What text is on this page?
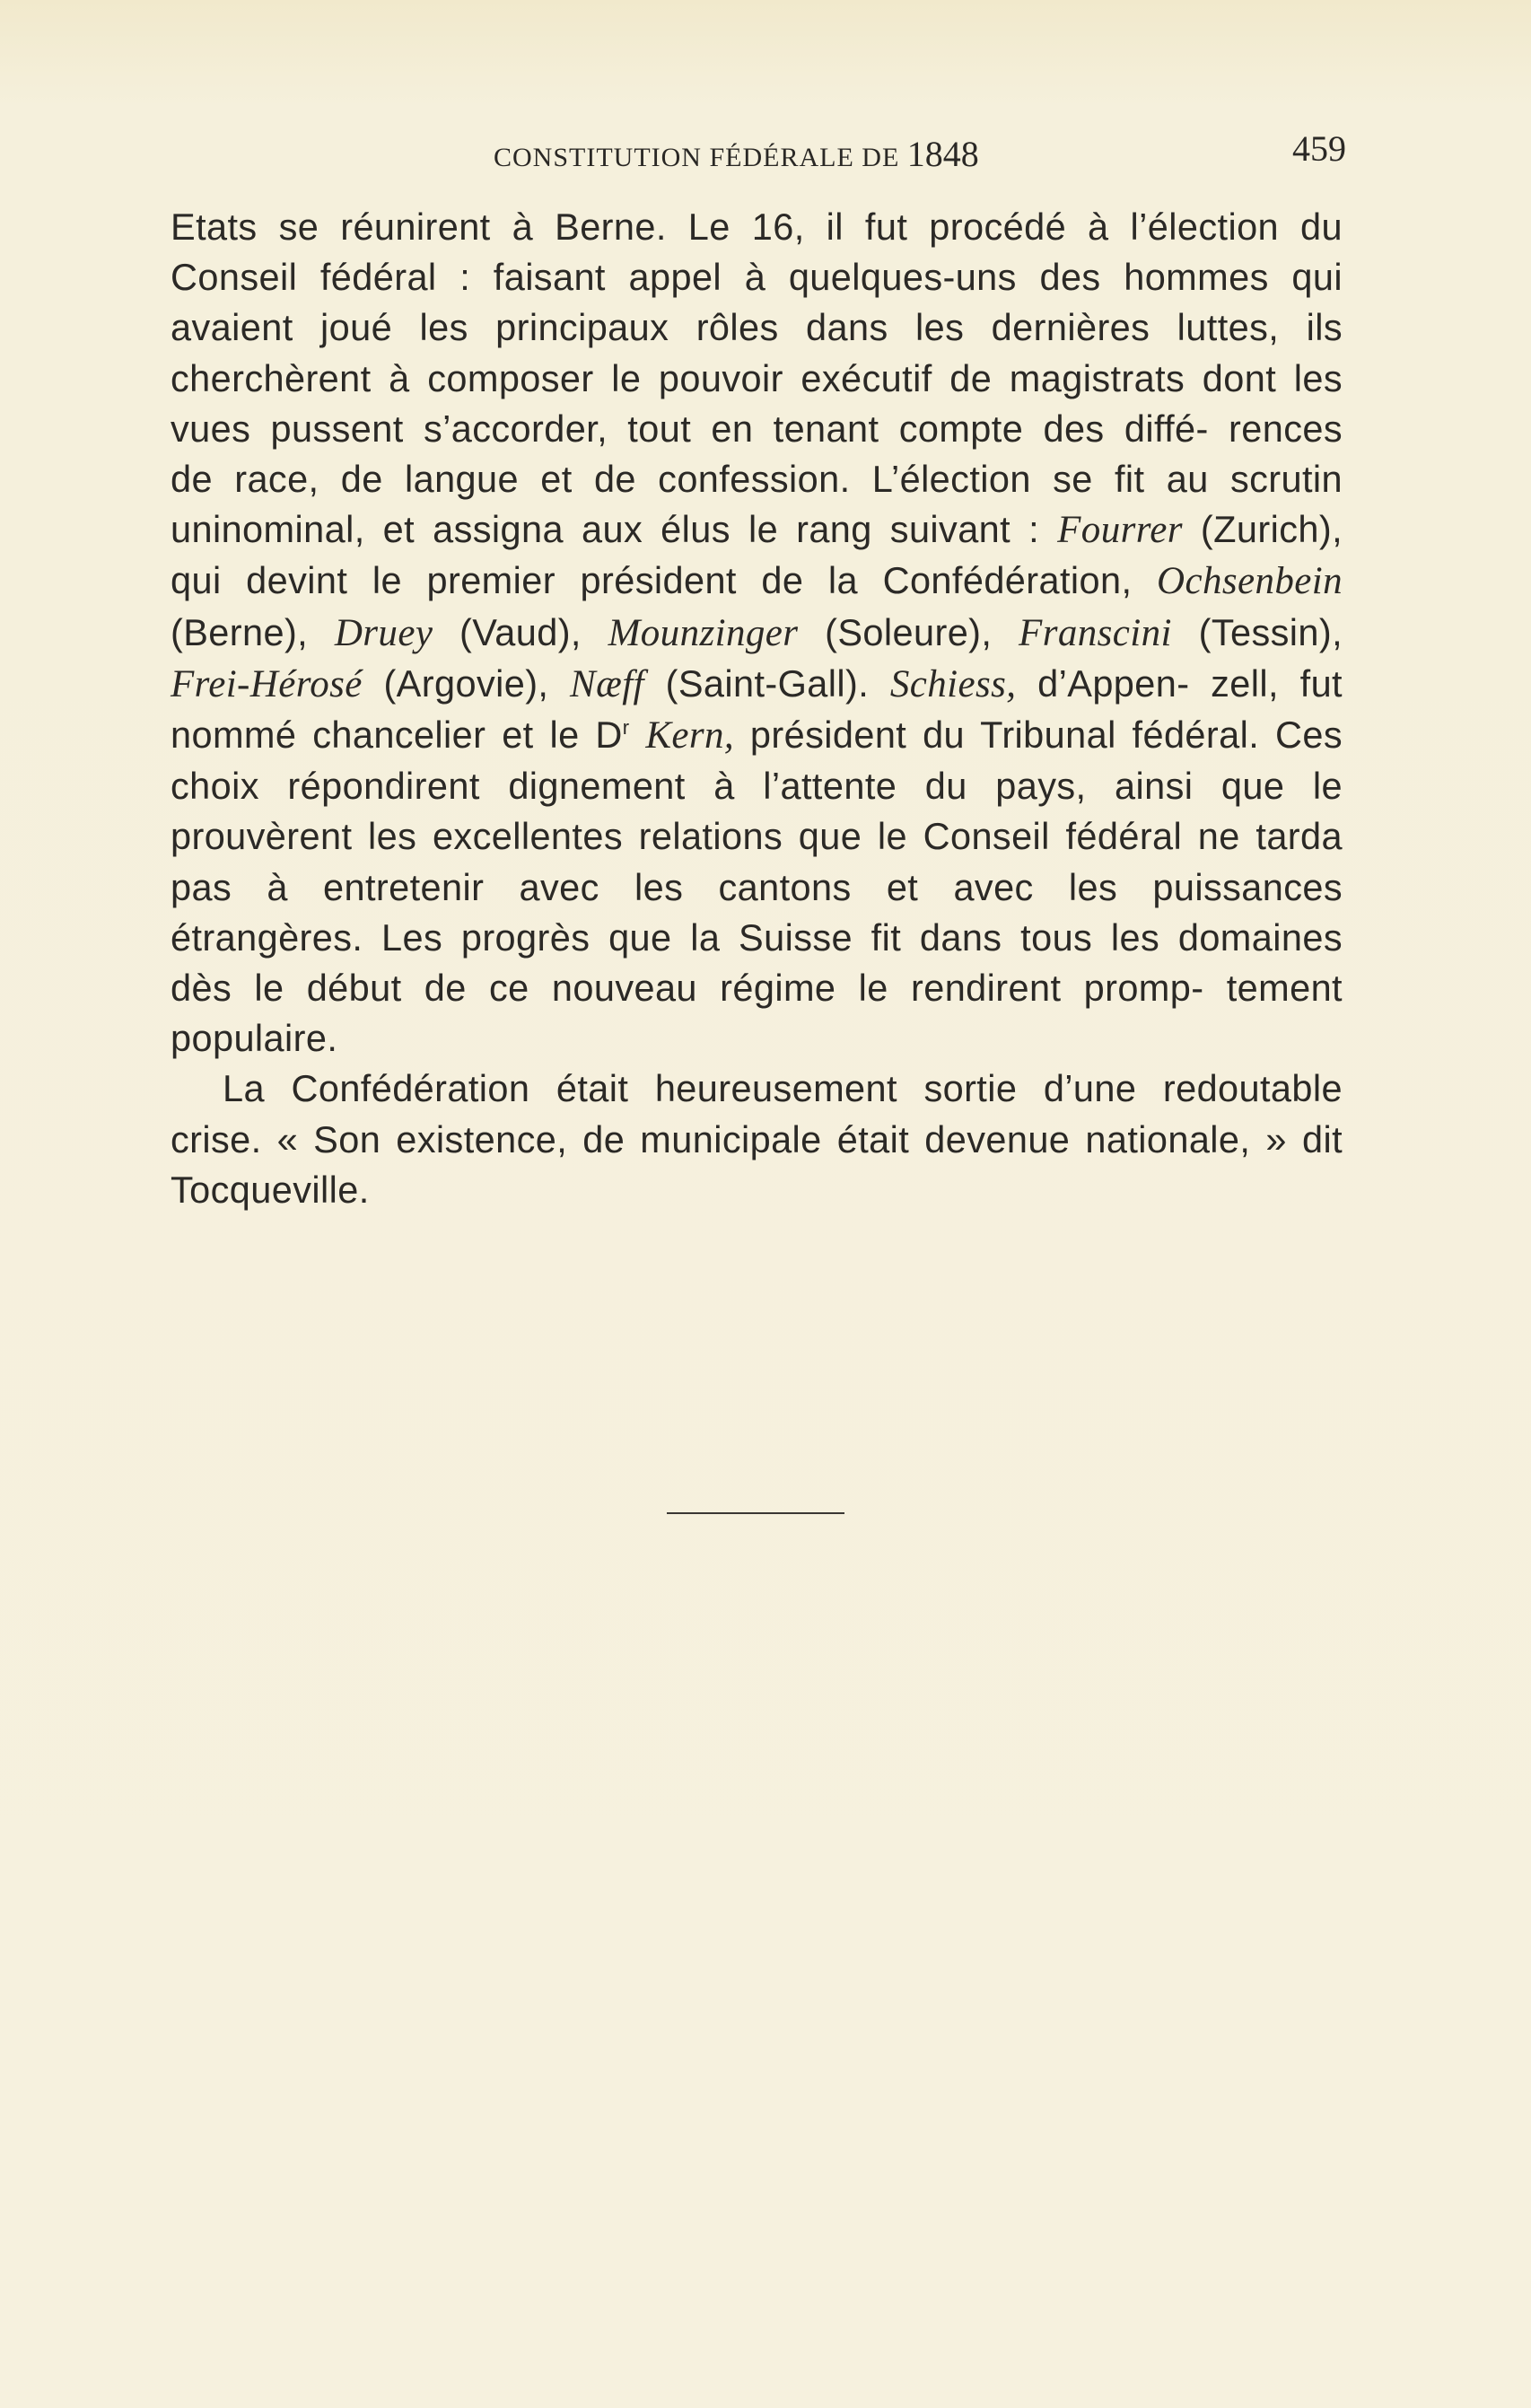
CONSTITUTION FÉDÉRALE DE 1848	459

Etats se réunirent à Berne. Le 16, il fut procédé à l’élection du Conseil fédéral : faisant appel à quelques-uns des hommes qui avaient joué les principaux rôles dans les dernières luttes, ils cherchèrent à composer le pouvoir exécutif de magistrats dont les vues pussent s’accorder, tout en tenant compte des diffé- rences de race, de langue et de confession. L’élection se fit au scrutin uninominal, et assigna aux élus le rang suivant : Fourrer (Zurich), qui devint le premier président de la Confédération, Ochsenbein (Berne), Druey (Vaud), Mounzinger (Soleure), Franscini (Tessin), Frei-Hérosé (Argovie), Næff (Saint-Gall). Schiess, d’Appen- zell, fut nommé chancelier et le $D^r$ Kern, président du Tribunal fédéral. Ces choix répondirent dignement à l’attente du pays, ainsi que le prouvèrent les excellentes relations que le Conseil fédéral ne tarda pas à entretenir avec les cantons et avec les puissances étrangères. Les progrès que la Suisse fit dans tous les domaines dès le début de ce nouveau régime le rendirent promp- tement populaire.

La Confédération était heureusement sortie d’une redoutable crise. « Son existence, de municipale était devenue nationale, » dit Tocqueville.
